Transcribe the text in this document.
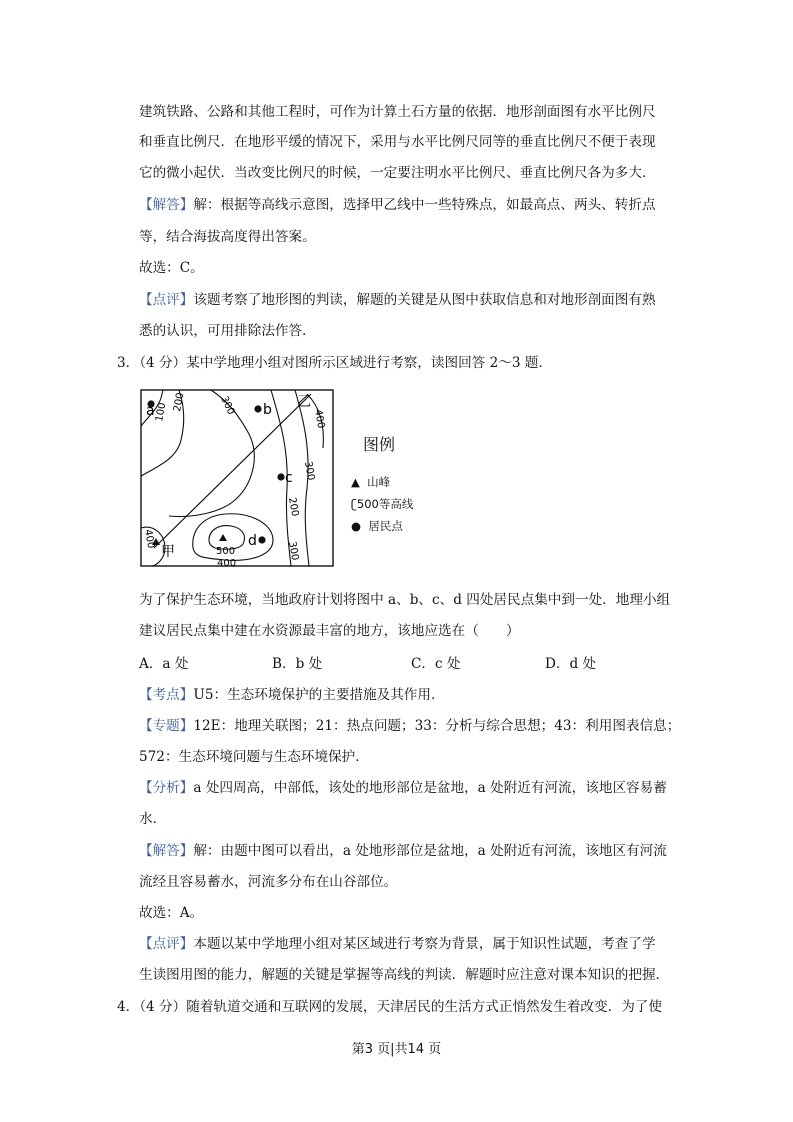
建筑铁路、公路和其他工程时，可作为计算土石方量的依据．地形剖面图有水平比例尺
和垂直比例尺．在地形平缓的情况下，采用与水平比例尺同等的垂直比例尺不便于表现
它的微小起伏．当改变比例尺的时候，一定要注明水平比例尺、垂直比例尺各为多大．
【解答】解：根据等高线示意图，选择甲乙线中一些特殊点，如最高点、两头、转折点
等，结合海拔高度得出答案。
故选：C。
【点评】该题考察了地形图的判读，解题的关键是从图中获取信息和对地形剖面图有熟
悉的认识，可用排除法作答．
3．（4 分）某中学地理小组对图所示区域进行考察，读图回答 2～3 题．
a	b
c
d
甲
乙
100 200	300
400
300
200
300
400
500
400
图例
▲ 山峰
ʗ500等高线
● 居民点
为了保护生态环境，当地政府计划将图中 a、b、c、d 四处居民点集中到一处．地理小组
建议居民点集中建在水资源最丰富的地方，该地应选在（　　）
A．a 处	B．b 处	C．c 处	D．d 处
【考点】U5：生态环境保护的主要措施及其作用．
【专题】12E：地理关联图；21：热点问题；33：分析与综合思想；43：利用图表信息；
572：生态环境问题与生态环境保护．
【分析】a 处四周高，中部低，该处的地形部位是盆地，a 处附近有河流，该地区容易蓄
水．
【解答】解：由题中图可以看出，a 处地形部位是盆地，a 处附近有河流，该地区有河流
流经且容易蓄水，河流多分布在山谷部位。
故选：A。
【点评】本题以某中学地理小组对某区域进行考察为背景，属于知识性试题，考查了学
生读图用图的能力，解题的关键是掌握等高线的判读．解题时应注意对课本知识的把握．
4．（4 分）随着轨道交通和互联网的发展，天津居民的生活方式正悄然发生着改变．为了使
第3 页|共14 页
